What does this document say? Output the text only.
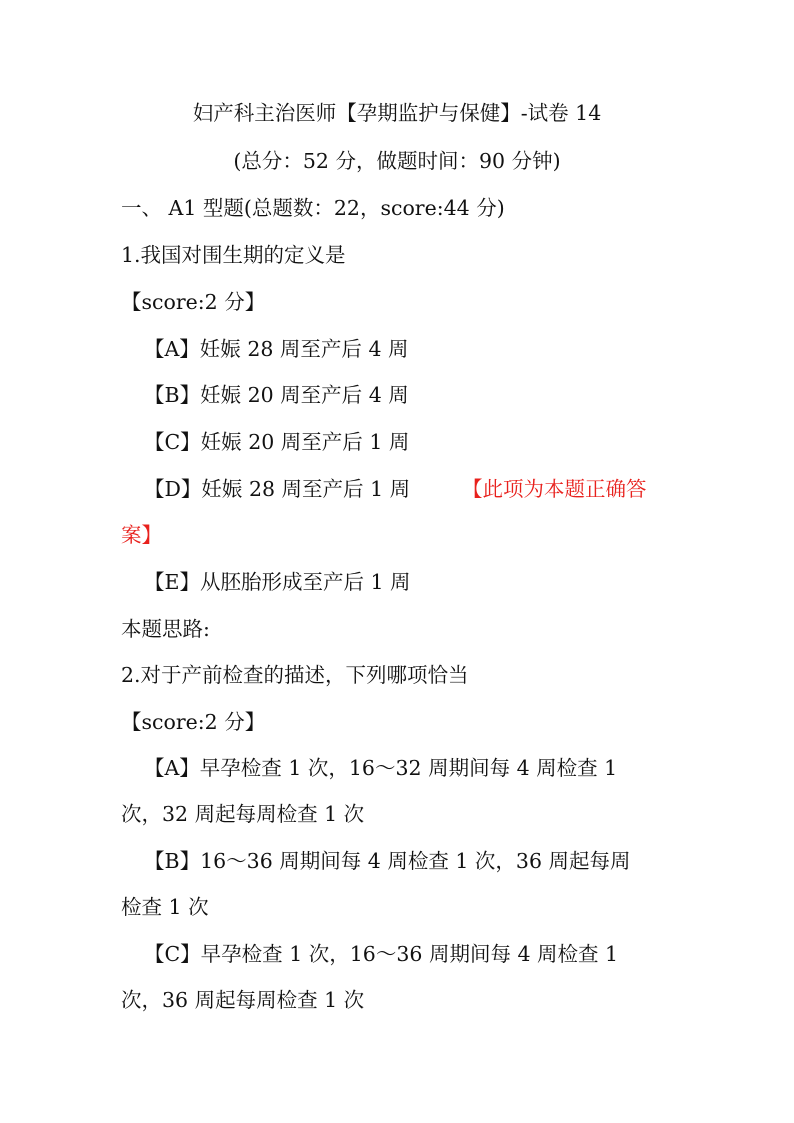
妇产科主治医师【孕期监护与保健】-试卷 14
(总分：52 分，做题时间：90 分钟)
一、 A1 型题(总题数：22，score:44 分)
1.我国对围生期的定义是
【score:2 分】
【A】妊娠 28 周至产后 4 周
【B】妊娠 20 周至产后 4 周
【C】妊娠 20 周至产后 1 周
【D】妊娠 28 周至产后 1 周	【此项为本题正确答
案】
【E】从胚胎形成至产后 1 周
本题思路:
2.对于产前检查的描述，下列哪项恰当
【score:2 分】
【A】早孕检查 1 次，16～32 周期间每 4 周检查 1
次，32 周起每周检查 1 次
【B】16～36 周期间每 4 周检查 1 次，36 周起每周
检查 1 次
【C】早孕检查 1 次，16～36 周期间每 4 周检查 1
次，36 周起每周检查 1 次
